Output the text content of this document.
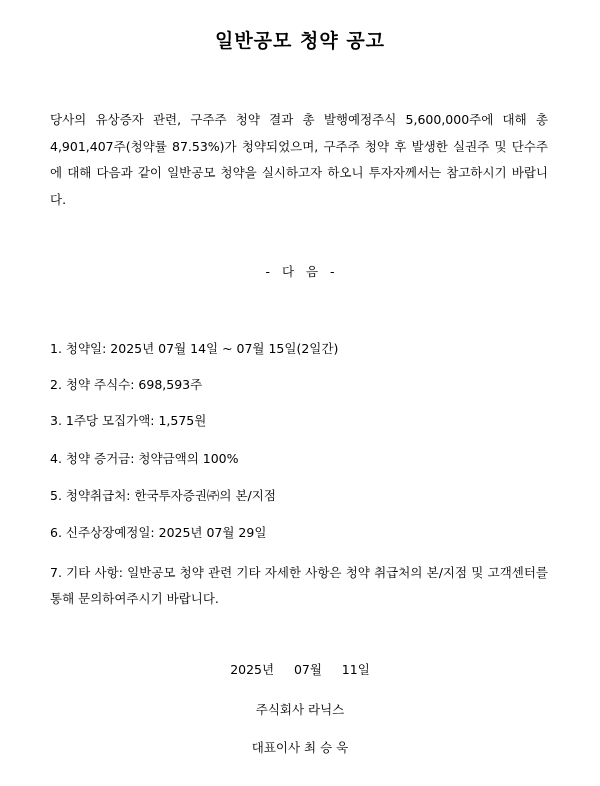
일반공모 청약 공고

당사의 유상증자 관련, 구주주 청약 결과 총 발행예정주식 5,600,000주에 대해 총 4,901,407주(청약률 87.53%)가 청약되었으며, 구주주 청약 후 발생한 실권주 및 단수주에 대해 다음과 같이 일반공모 청약을 실시하고자 하오니 투자자께서는 참고하시기 바랍니다.

-   다   음   -
1. 청약일: 2025년 07월 14일 ~ 07월 15일(2일간)
2. 청약 주식수: 698,593주
3. 1주당 모집가액: 1,575원
4. 청약 증거금: 청약금액의 100%
5. 청약취급처: 한국투자증권㈜의 본/지점
6. 신주상장예정일: 2025년 07월 29일
7. 기타 사항: 일반공모 청약 관련 기타 자세한 사항은 청약 취급처의 본/지점 및 고객센터를 통해 문의하여주시기 바랍니다.
2025년     07월     11일
주식회사 라닉스
대표이사 최 승 욱
